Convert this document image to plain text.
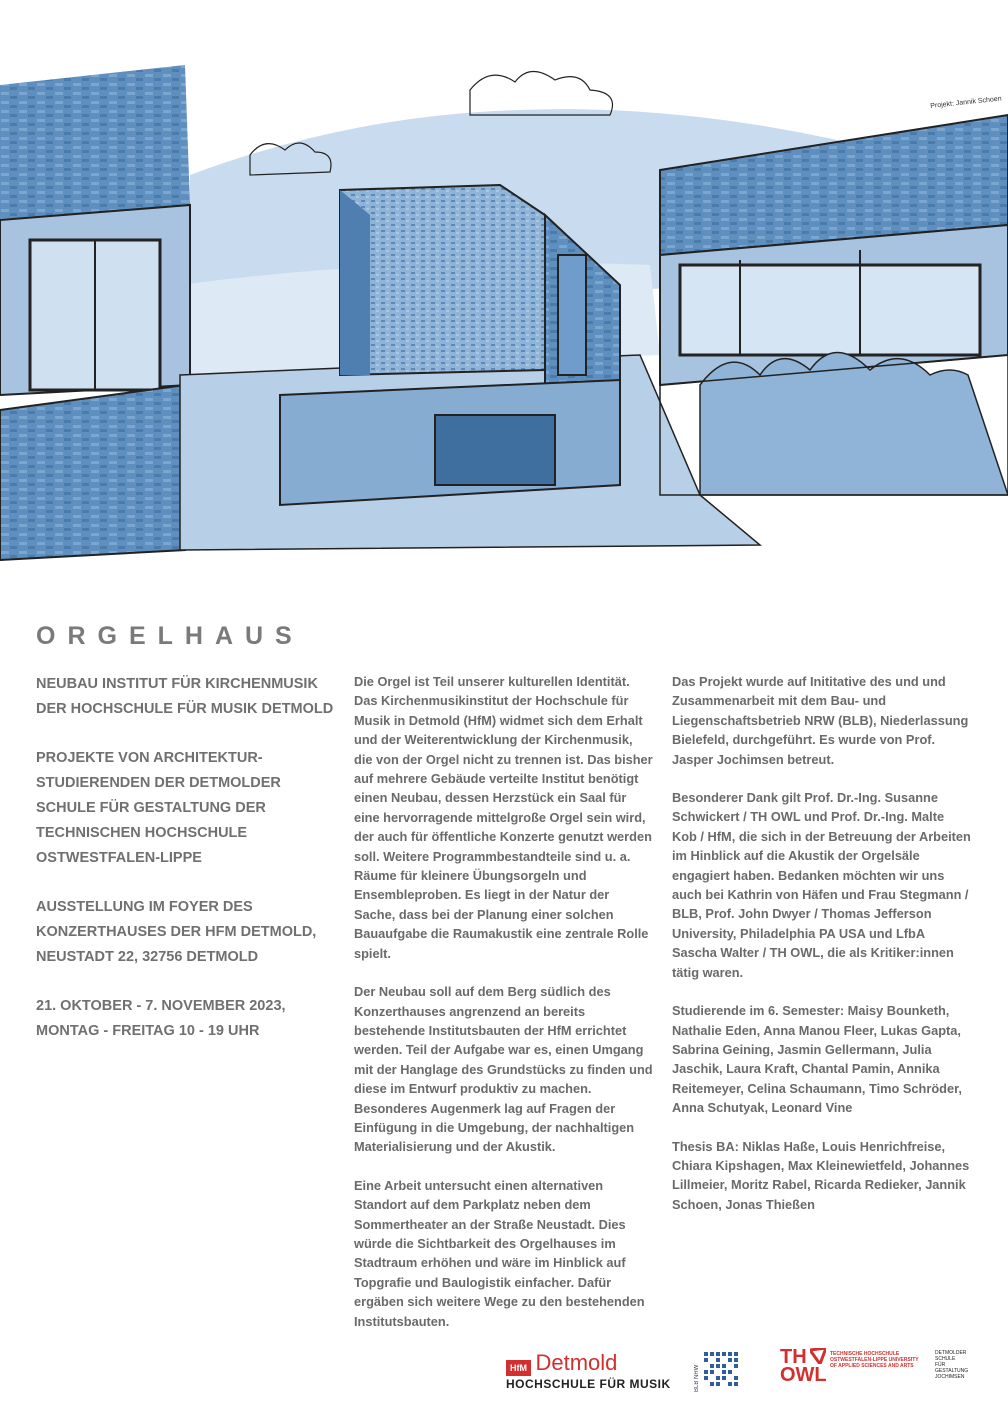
Projekt: Jannik Schoen
ORGELHAUS

NEUBAU INSTITUT FÜR KIRCHENMUSIK DER HOCHSCHULE FÜR MUSIK DETMOLD

PROJEKTE VON ARCHITEKTUR-STUDIERENDEN DER DETMOLDER SCHULE FÜR GESTALTUNG DER TECHNISCHEN HOCHSCHULE OSTWESTFALEN-LIPPE

AUSSTELLUNG IM FOYER DES KONZERTHAUSES DER HFM DETMOLD, NEUSTADT 22, 32756 DETMOLD

21. OKTOBER - 7. NOVEMBER 2023, MONTAG - FREITAG 10 - 19 UHR

Die Orgel ist Teil unserer kulturellen Identität. Das Kirchenmusikinstitut der Hochschule für Musik in Detmold (HfM) widmet sich dem Erhalt und der Weiterentwicklung der Kirchenmusik, die von der Orgel nicht zu trennen ist. Das bisher auf mehrere Gebäude verteilte Institut benötigt einen Neubau, dessen Herzstück ein Saal für eine hervorragende mittelgroße Orgel sein wird, der auch für öffentliche Konzerte genutzt werden soll. Weitere Programmbestandteile sind u. a. Räume für kleinere Übungsorgeln und Ensembleproben. Es liegt in der Natur der Sache, dass bei der Planung einer solchen Bauaufgabe die Raumakustik eine zentrale Rolle spielt.

Der Neubau soll auf dem Berg südlich des Konzerthauses angrenzend an bereits bestehende Institutsbauten der HfM errichtet werden. Teil der Aufgabe war es, einen Umgang mit der Hanglage des Grundstücks zu finden und diese im Entwurf produktiv zu machen. Besonderes Augenmerk lag auf Fragen der Einfügung in die Umgebung, der nachhaltigen Materialisierung und der Akustik.

Eine Arbeit untersucht einen alternativen Standort auf dem Parkplatz neben dem Sommertheater an der Straße Neustadt. Dies würde die Sichtbarkeit des Orgelhauses im Stadtraum erhöhen und wäre im Hinblick auf Topgrafie und Baulogistik einfacher. Dafür ergäben sich weitere Wege zu den bestehenden Institutsbauten.

Das Projekt wurde auf Inititative des und und Zusammenarbeit mit dem Bau- und Liegenschaftsbetrieb NRW (BLB), Niederlassung Bielefeld, durchgeführt. Es wurde von Prof. Jasper Jochimsen betreut.

Besonderer Dank gilt Prof. Dr.-Ing. Susanne Schwickert / TH OWL und Prof. Dr.-Ing. Malte Kob / HfM, die sich in der Betreuung der Arbeiten im Hinblick auf die Akustik der Orgelsäle engagiert haben. Bedanken möchten wir uns auch bei Kathrin von Häfen und Frau Stegmann / BLB, Prof. John Dwyer / Thomas Jefferson University, Philadelphia PA USA und LfbA Sascha Walter / TH OWL, die als Kritiker:innen tätig waren.

Studierende im 6. Semester: Maisy Bounketh, Nathalie Eden, Anna Manou Fleer, Lukas Gapta, Sabrina Geining, Jasmin Gellermann, Julia Jaschik, Laura Kraft, Chantal Pamin, Annika Reitemeyer, Celina Schaumann, Timo Schröder, Anna Schutyak, Leonard Vine

Thesis BA: Niklas Haße, Louis Henrichfreise, Chiara Kipshagen, Max Kleinewietfeld, Johannes Lillmeier, Moritz Rabel, Ricarda Redieker, Jannik Schoen, Jonas Thießen

HfM Detmold
HOCHSCHULE FÜR MUSIK	BLB NRW
TH
OWL
TECHNISCHE HOCHSCHULE OSTWESTFALEN-LIPPE UNIVERSITY OF APPLIED SCIENCES AND ARTS
DETMOLDER SCHULE FÜR GESTALTUNG JOCHIMSEN
